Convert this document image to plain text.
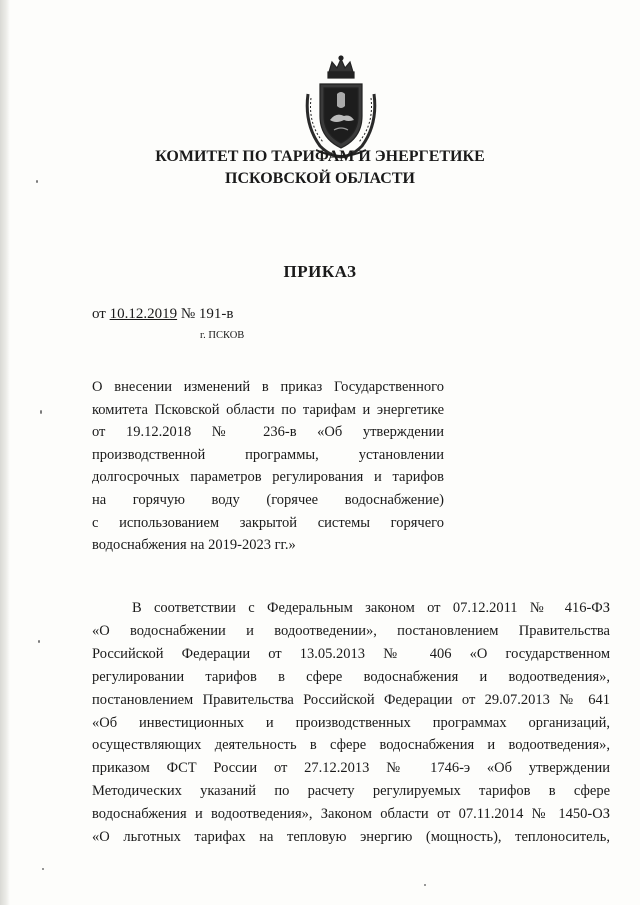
КОМИТЕТ ПО ТАРИФАМ И ЭНЕРГЕТИКЕ
ПСКОВСКОЙ ОБЛАСТИ
ПРИКАЗ
от 10.12.2019 № 191-в
г. ПСКОВ

О внесении изменений в приказ Государственного
комитета Псковской области по тарифам и энергетике
от 19.12.2018 № 236-в «Об утверждении
производственной программы, установлении
долгосрочных параметров регулирования и тарифов
на горячую воду (горячее водоснабжение)
с использованием закрытой системы горячего
водоснабжения на 2019-2023 гг.»

В соответствии с Федеральным законом от 07.12.2011 № 416-ФЗ
«О водоснабжении и водоотведении», постановлением Правительства
Российской Федерации от 13.05.2013 № 406 «О государственном
регулировании тарифов в сфере водоснабжения и водоотведения»,
постановлением Правительства Российской Федерации от 29.07.2013 № 641
«Об инвестиционных и производственных программах организаций,
осуществляющих деятельность в сфере водоснабжения и водоотведения»,
приказом ФСТ России от 27.12.2013 № 1746-э «Об утверждении
Методических указаний по расчету регулируемых тарифов в сфере
водоснабжения и водоотведения», Законом области от 07.11.2014 № 1450-ОЗ
«О льготных тарифах на тепловую энергию (мощность), теплоноситель,
